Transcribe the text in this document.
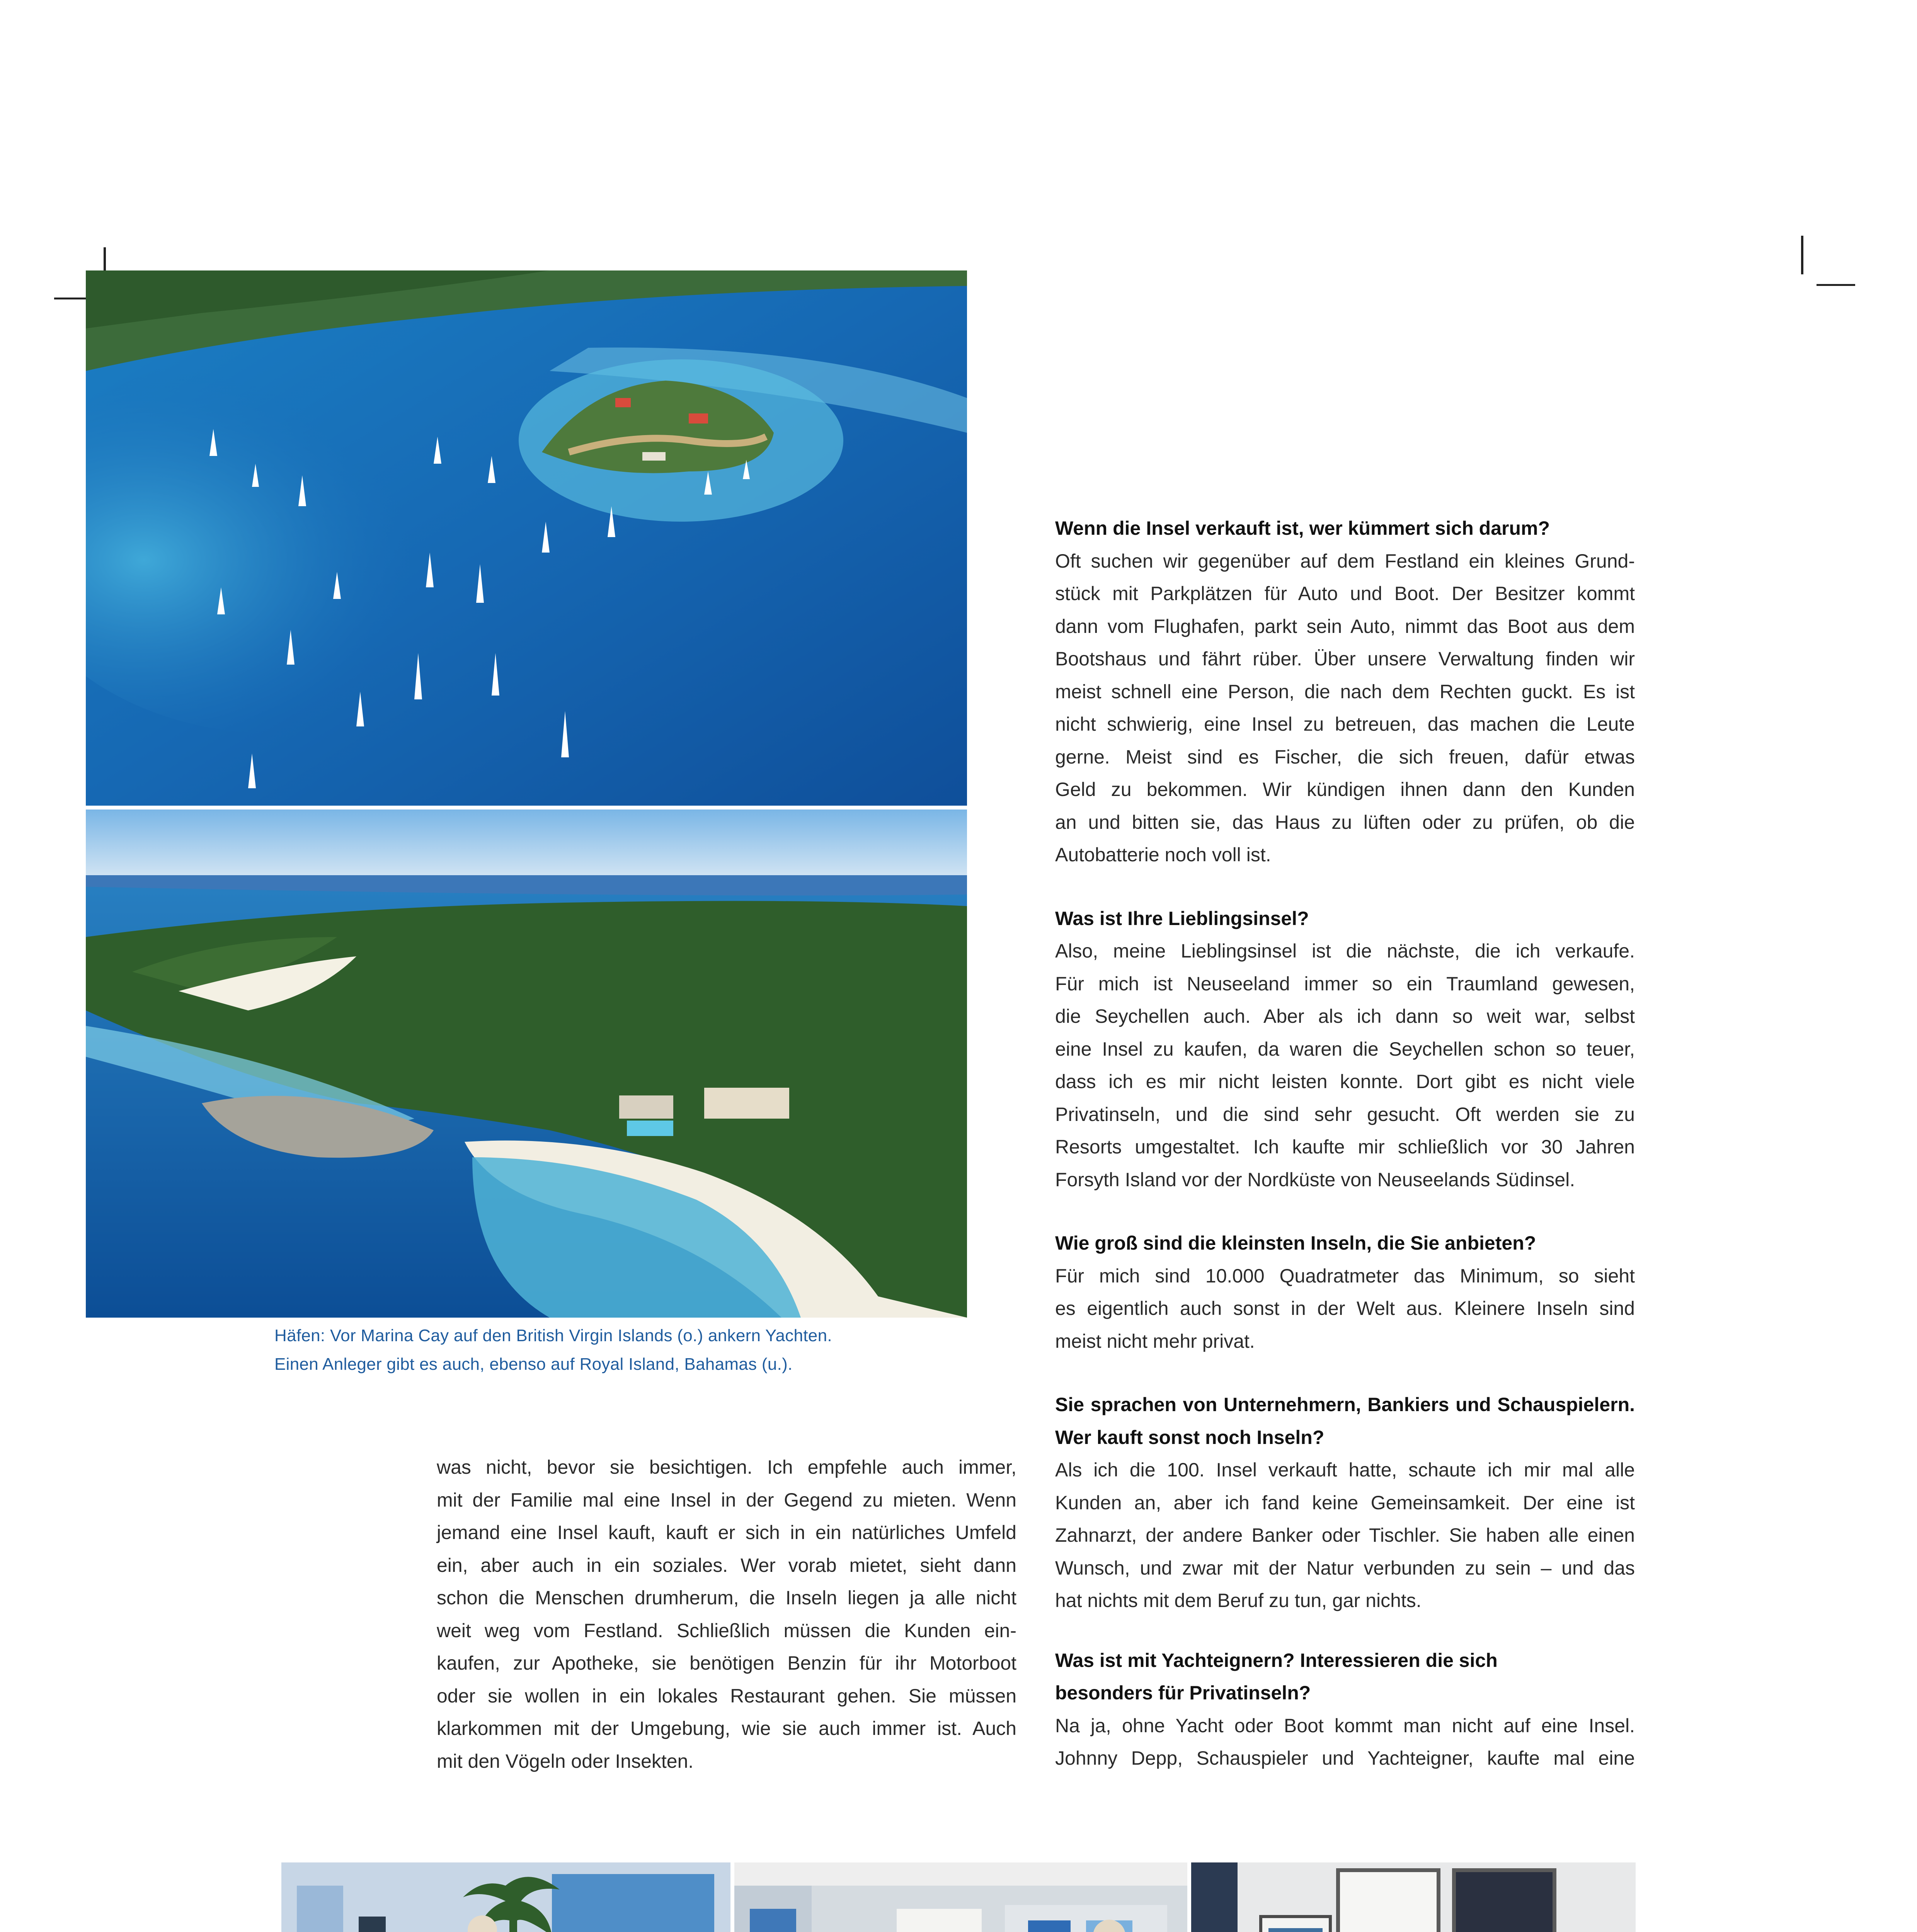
Häfen: Vor Marina Cay auf den British Virgin Islands (o.) ankern Yachten.
Einen Anleger gibt es auch, ebenso auf Royal Island, Bahamas (u.).
was nicht, bevor sie besichtigen. Ich empfehle auch immer,
mit der Familie mal eine Insel in der Gegend zu mieten. Wenn
jemand eine Insel kauft, kauft er sich in ein natürliches Umfeld
ein, aber auch in ein soziales. Wer vorab mietet, sieht dann
schon die Menschen drumherum, die Inseln liegen ja alle nicht
weit weg vom Festland. Schließlich müssen die Kunden ein-
kaufen, zur Apotheke, sie benötigen Benzin für ihr Motorboot
oder sie wollen in ein lokales Restaurant gehen. Sie müssen
klarkommen mit der Umgebung, wie sie auch immer ist. Auch
mit den Vögeln oder Insekten.
Wenn die Insel verkauft ist, wer kümmert sich darum?
Oft suchen wir gegenüber auf dem Festland ein kleines Grund-
stück mit Parkplätzen für Auto und Boot. Der Besitzer kommt
dann vom Flughafen, parkt sein Auto, nimmt das Boot aus dem
Bootshaus und fährt rüber. Über unsere Verwaltung finden wir
meist schnell eine Person, die nach dem Rechten guckt. Es ist
nicht schwierig, eine Insel zu betreuen, das machen die Leute
gerne. Meist sind es Fischer, die sich freuen, dafür etwas
Geld zu bekommen. Wir kündigen ihnen dann den Kunden
an und bitten sie, das Haus zu lüften oder zu prüfen, ob die
Autobatterie noch voll ist.
Was ist Ihre Lieblingsinsel?
Also, meine Lieblingsinsel ist die nächste, die ich verkaufe.
Für mich ist Neuseeland immer so ein Traumland gewesen,
die Seychellen auch. Aber als ich dann so weit war, selbst
eine Insel zu kaufen, da waren die Seychellen schon so teuer,
dass ich es mir nicht leisten konnte. Dort gibt es nicht viele
Privatinseln, und die sind sehr gesucht. Oft werden sie zu
Resorts umgestaltet. Ich kaufte mir schließlich vor 30 Jahren
Forsyth Island vor der Nordküste von Neuseelands Südinsel.
Wie groß sind die kleinsten Inseln, die Sie anbieten?
Für mich sind 10.000 Quadratmeter das Minimum, so sieht
es eigentlich auch sonst in der Welt aus. Kleinere Inseln sind
meist nicht mehr privat.
Sie sprachen von Unternehmern, Bankiers und Schauspielern.
Wer kauft sonst noch Inseln?
Als ich die 100. Insel verkauft hatte, schaute ich mir mal alle
Kunden an, aber ich fand keine Gemeinsamkeit. Der eine ist
Zahnarzt, der andere Banker oder Tischler. Sie haben alle einen
Wunsch, und zwar mit der Natur verbunden zu sein – und das
hat nichts mit dem Beruf zu tun, gar nichts.
Was ist mit Yachteignern? Interessieren die sich
besonders für Privatinseln?
Na ja, ohne Yacht oder Boot kommt man nicht auf eine Insel.
Johnny Depp, Schauspieler und Yachteigner, kaufte mal eine
